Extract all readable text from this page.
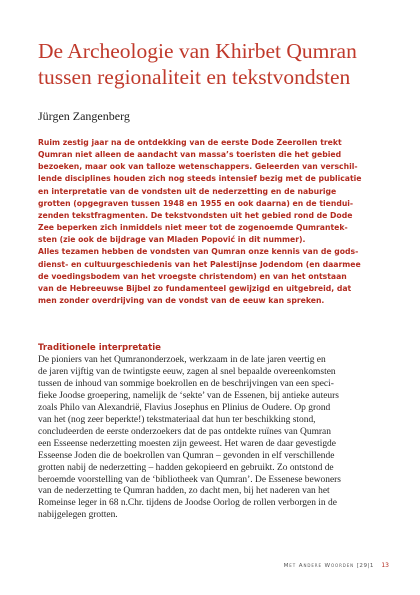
De Archeologie van Khirbet Qumran tussen regionaliteit en tekstvondsten
Jürgen Zangenberg
Ruim zestig jaar na de ontdekking van de eerste Dode Zeerollen trekt
Qumran niet alleen de aandacht van massa’s toeristen die het gebied
bezoeken, maar ook van talloze wetenschappers. Geleerden van verschil-
lende disciplines houden zich nog steeds intensief bezig met de publicatie
en interpretatie van de vondsten uit de nederzetting en de naburige
grotten (opgegraven tussen 1948 en 1955 en ook daarna) en de tiendui-
zenden tekstfragmenten. De tekstvondsten uit het gebied rond de Dode
Zee beperken zich inmiddels niet meer tot de zogenoemde Qumrantek-
sten (zie ook de bijdrage van Mladen Popović in dit nummer).
Alles tezamen hebben de vondsten van Qumran onze kennis van de gods-
dienst- en cultuurgeschiedenis van het Palestijnse Jodendom (en daarmee
de voedingsbodem van het vroegste christendom) en van het ontstaan
van de Hebreeuwse Bijbel zo fundamenteel gewijzigd en uitgebreid, dat
men zonder overdrijving van de vondst van de eeuw kan spreken.
Traditionele interpretatie
De pioniers van het Qumranonderzoek, werkzaam in de late jaren veertig en
de jaren vijftig van de twintigste eeuw, zagen al snel bepaalde overeenkomsten
tussen de inhoud van sommige boekrollen en de beschrijvingen van een speci-
fieke Joodse groepering, namelijk de ‘sekte’ van de Essenen, bij antieke auteurs
zoals Philo van Alexandrië, Flavius Josephus en Plinius de Oudere. Op grond
van het (nog zeer beperkte!) tekstmateriaal dat hun ter beschikking stond,
concludeerden de eerste onderzoekers dat de pas ontdekte ruïnes van Qumran
een Esseense nederzetting moesten zijn geweest. Het waren de daar gevestigde
Esseense Joden die de boekrollen van Qumran – gevonden in elf verschillende
grotten nabij de nederzetting – hadden gekopieerd en gebruikt. Zo ontstond de
beroemde voorstelling van de ‘bibliotheek van Qumran’. De Essenese bewoners
van de nederzetting te Qumran hadden, zo dacht men, bij het naderen van het
Romeinse leger in 68 n.Chr. tijdens de Joodse Oorlog de rollen verborgen in de
nabijgelegen grotten.
Met Andere Woorden [29|1 13
